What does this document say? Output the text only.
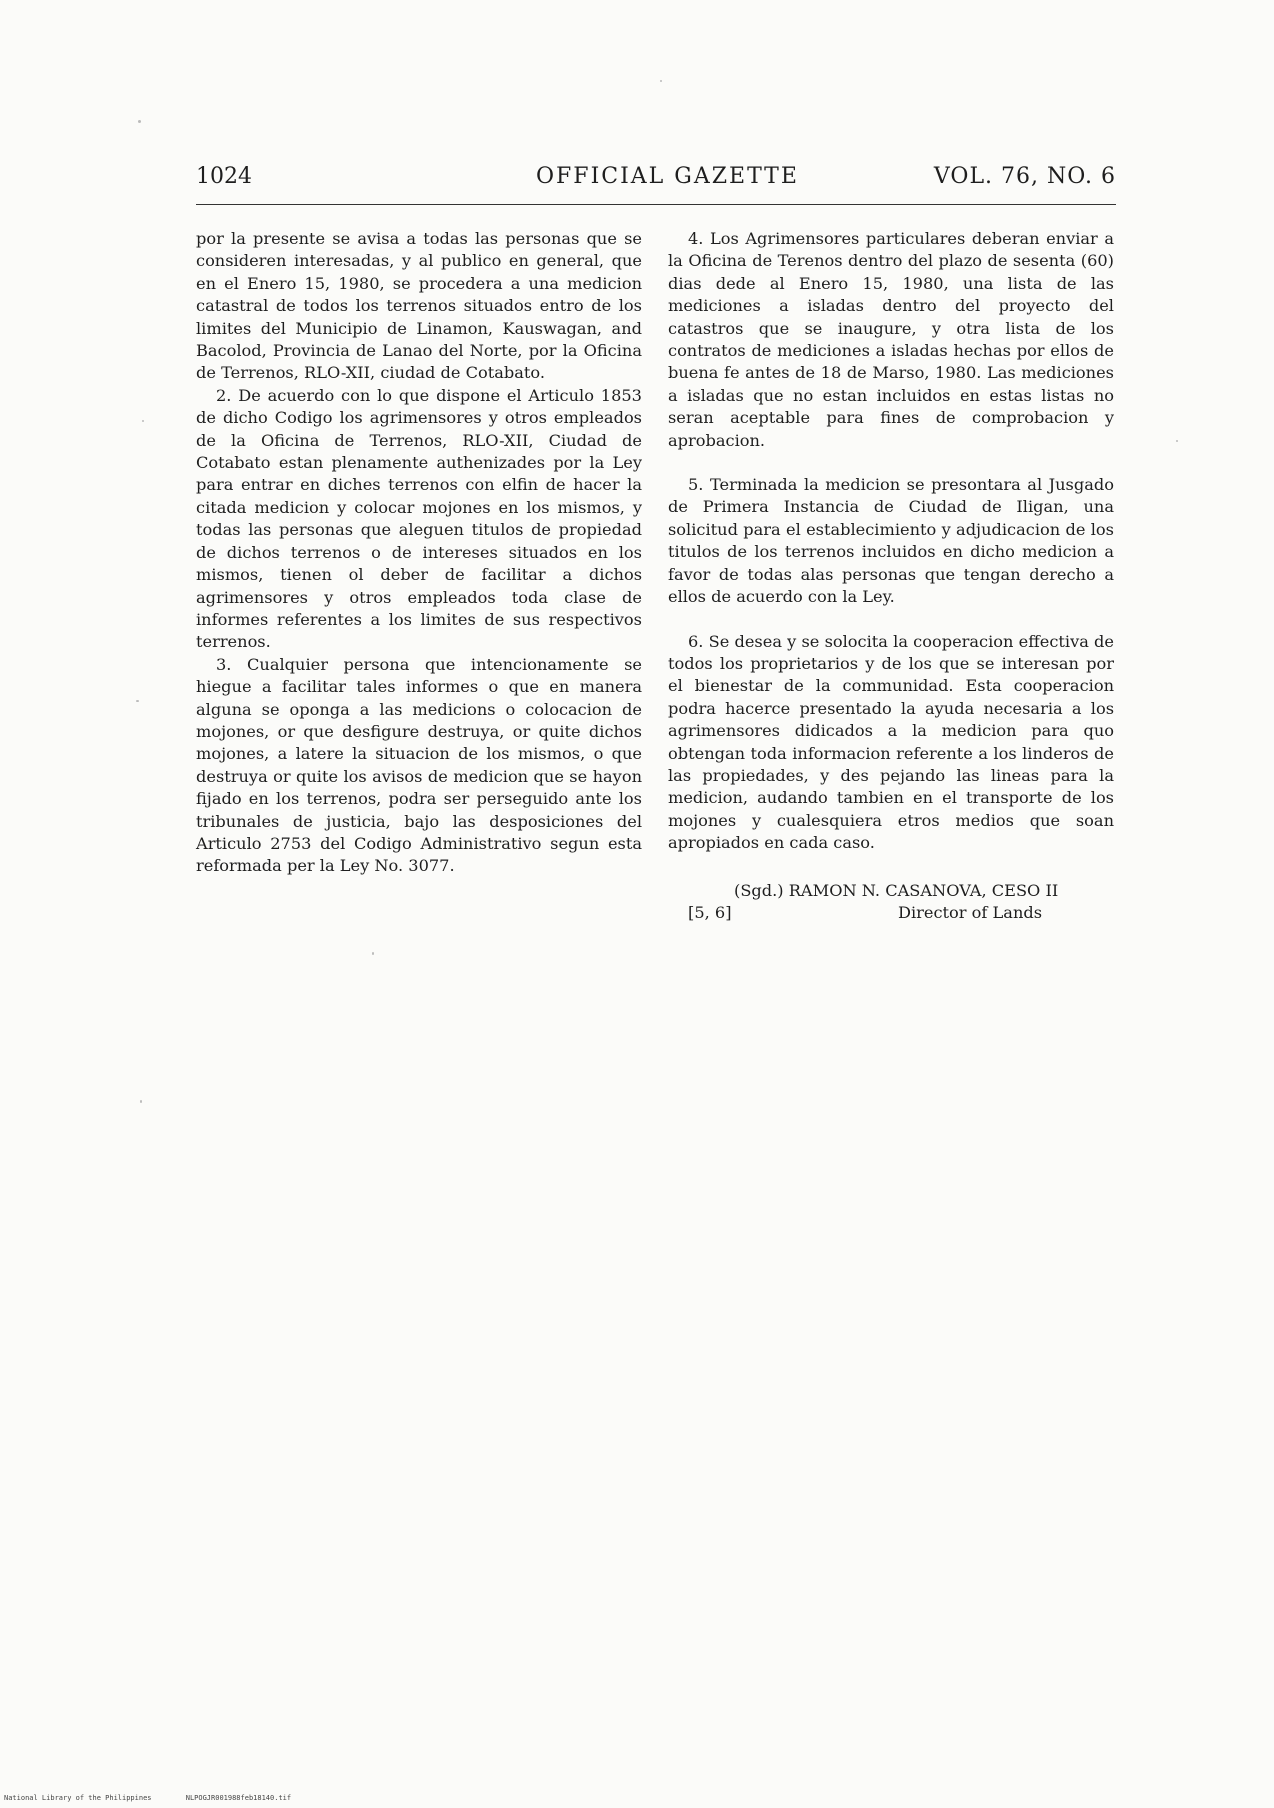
1024	OFFICIAL GAZETTE	VOL. 76, NO. 6

por la presente se avisa a todas las personas que se consideren interesadas, y al publico en general, que en el Enero 15, 1980, se procedera a una medicion catastral de todos los terrenos situados entro de los limites del Municipio de Linamon, Kauswagan, and Bacolod, Provincia de Lanao del Norte, por la Oficina de Terrenos, RLO-XII, ciudad de Cotabato.

2. De acuerdo con lo que dispone el Articulo 1853 de dicho Codigo los agrimensores y otros empleados de la Oficina de Terrenos, RLO-XII, Ciudad de Cotabato estan plenamente authenizades por la Ley para entrar en diches terrenos con elfin de hacer la citada medicion y colocar mojones en los mismos, y todas las personas que aleguen titulos de propiedad de dichos terrenos o de intereses situados en los mismos, tienen ol deber de facilitar a dichos agrimensores y otros empleados toda clase de informes referentes a los limites de sus respectivos terrenos.

3. Cualquier persona que intencionamente se hiegue a facilitar tales informes o que en manera alguna se oponga a las medicions o colocacion de mojones, or que desfigure destruya, or quite dichos mojones, a latere la situacion de los mismos, o que destruya or quite los avisos de medicion que se hayon fijado en los terrenos, podra ser perseguido ante los tribunales de justicia, bajo las desposiciones del Articulo 2753 del Codigo Administrativo segun esta reformada per la Ley No. 3077.

4. Los Agrimensores particulares deberan enviar a la Oficina de Terenos dentro del plazo de sesenta (60) dias dede al Enero 15, 1980, una lista de las mediciones a isladas dentro del proyecto del catastros que se inaugure, y otra lista de los contratos de mediciones a isladas hechas por ellos de buena fe antes de 18 de Marso, 1980. Las mediciones a isladas que no estan incluidos en estas listas no seran aceptable para fines de comprobacion y aprobacion.

5. Terminada la medicion se presontara al Jusgado de Primera Instancia de Ciudad de Iligan, una solicitud para el establecimiento y adjudicacion de los titulos de los terrenos incluidos en dicho medicion a favor de todas alas personas que tengan derecho a ellos de acuerdo con la Ley.

6. Se desea y se solocita la cooperacion effectiva de todos los proprietarios y de los que se interesan por el bienestar de la communidad. Esta cooperacion podra hacerce presentado la ayuda necesaria a los agrimensores didicados a la medicion para quo obtengan toda informacion referente a los linderos de las propiedades, y des pejando las lineas para la medicion, audando tambien en el transporte de los mojones y cualesquiera etros medios que soan apropiados en cada caso.

(Sgd.) RAMON N. CASANOVA, CESO II
[5, 6]	Director of Lands
National Library of the Philippines	NLPOGJR001988feb18140.tif
